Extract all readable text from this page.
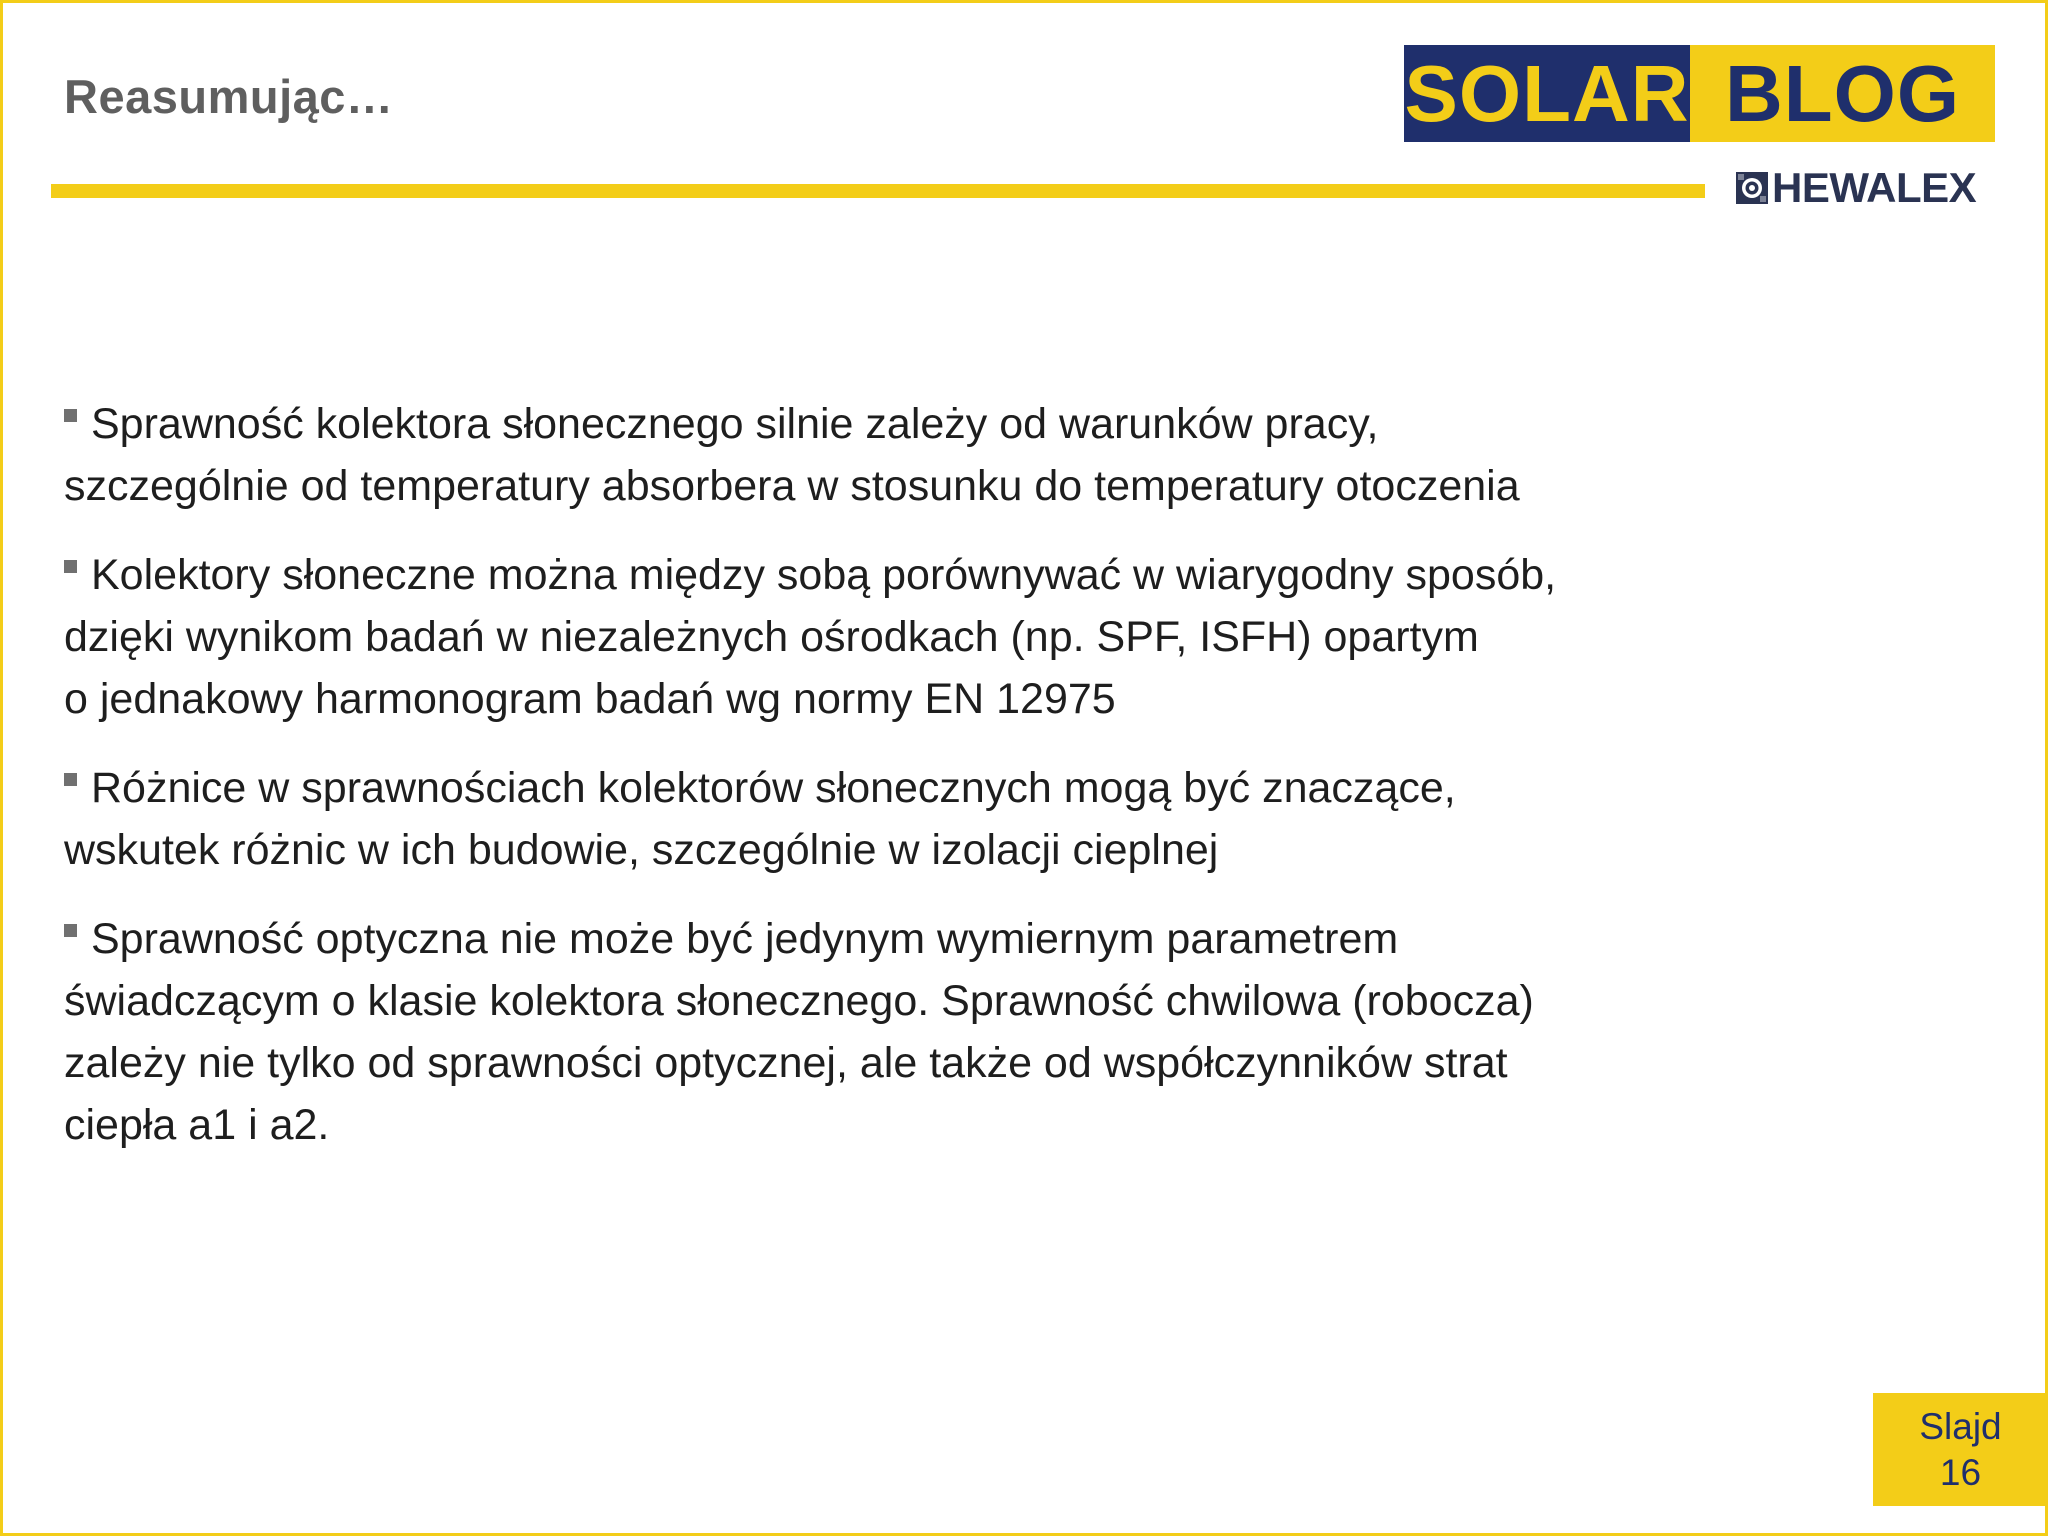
Reasumując…	SOLAR BLOG
HEWALEX
Sprawność kolektora słonecznego silnie zależy od warunków pracy,
szczególnie od temperatury absorbera w stosunku do temperatury otoczenia
Kolektory słoneczne można między sobą porównywać w wiarygodny sposób,
dzięki wynikom badań w niezależnych ośrodkach (np. SPF, ISFH) opartym
o jednakowy harmonogram badań wg normy EN 12975
Różnice w sprawnościach kolektorów słonecznych mogą być znaczące,
wskutek różnic w ich budowie, szczególnie w izolacji cieplnej
Sprawność optyczna nie może być jedynym wymiernym parametrem
świadczącym o klasie kolektora słonecznego. Sprawność chwilowa (robocza)
zależy nie tylko od sprawności optycznej, ale także od współczynników strat
ciepła a1 i a2.
Slajd
16
